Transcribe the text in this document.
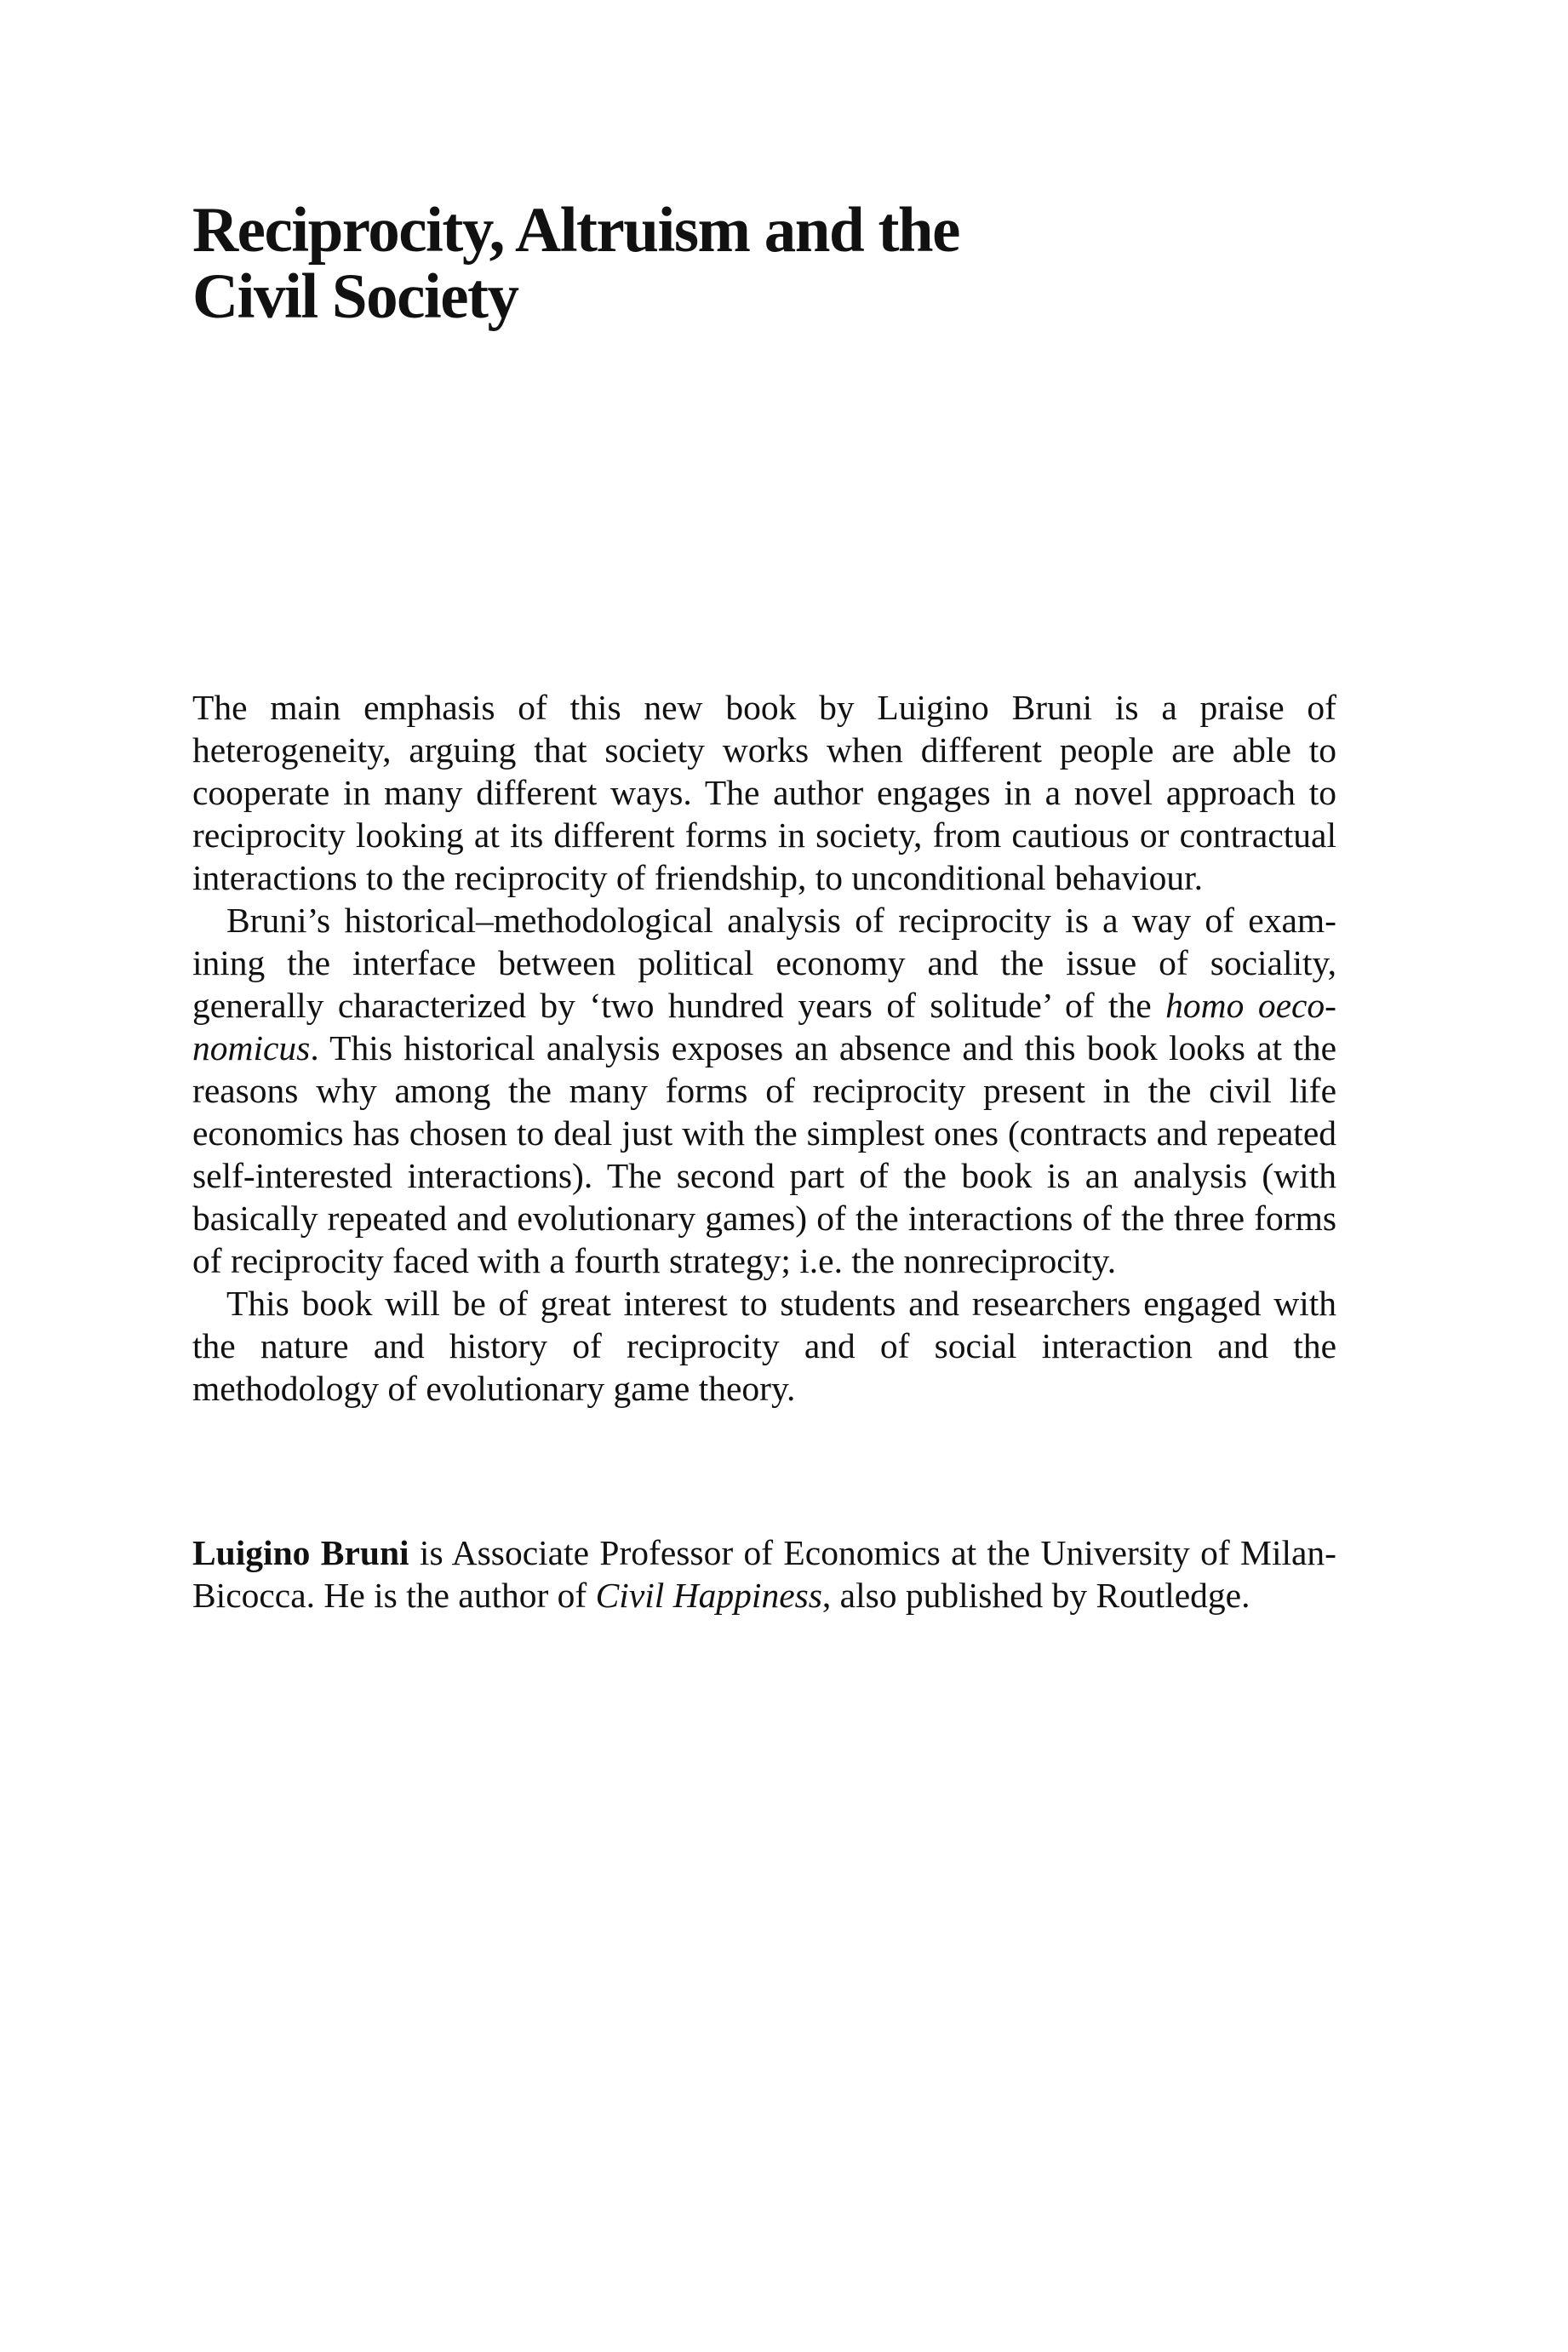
Reciprocity, Altruism and the
Civil Society

The main emphasis of this new book by Luigino Bruni is a praise of heterogeneity, arguing that society works when different people are able to cooperate in many different ways. The author engages in a novel approach to reciprocity looking at its different forms in society, from cautious or contractual interactions to the reciprocity of friendship, to unconditional behaviour.

Bruni’s historical–methodological analysis of reciprocity is a way of examining the interface between political economy and the issue of sociality, generally characterized by ‘two hundred years of solitude’ of the homo oeconomicus. This historical analysis exposes an absence and this book looks at the reasons why among the many forms of reciprocity present in the civil life economics has chosen to deal just with the simplest ones (contracts and repeated self-interested interactions). The second part of the book is an analysis (with basically repeated and evolutionary games) of the interactions of the three forms of reciprocity faced with a fourth strategy; i.e. the nonreciprocity.

This book will be of great interest to students and researchers engaged with the nature and history of reciprocity and of social interaction and the methodology of evolutionary game theory.

Luigino Bruni is Associate Professor of Economics at the University of Milan-Bicocca. He is the author of Civil Happiness, also published by Routledge.
